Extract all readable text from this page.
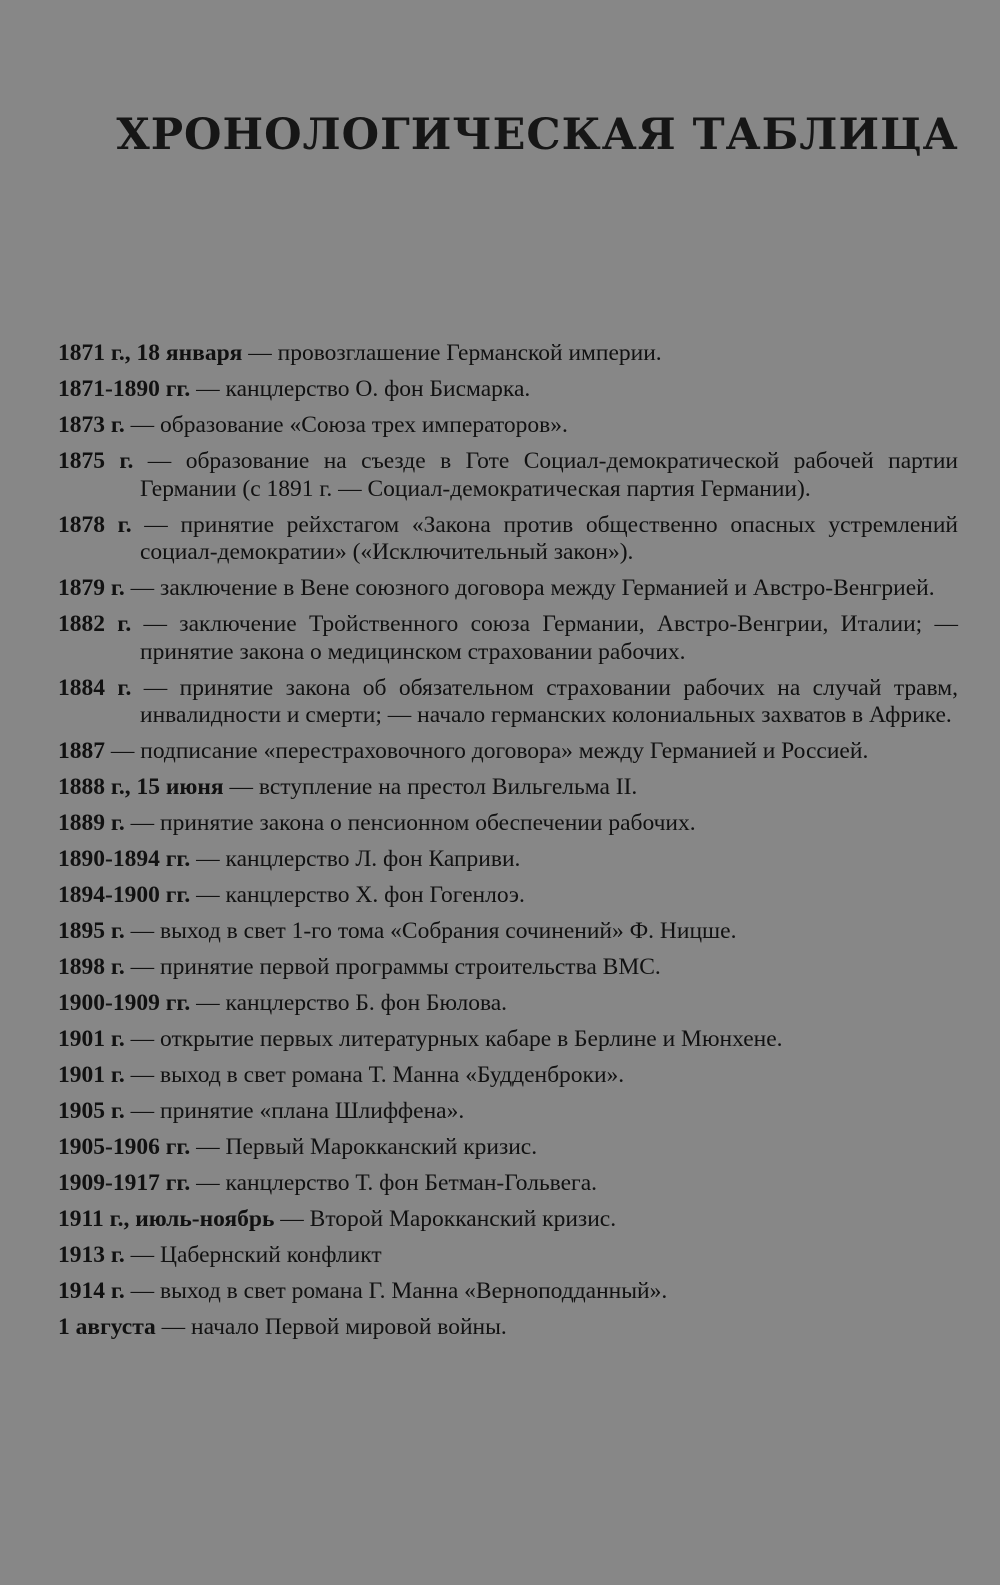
ХРОНОЛОГИЧЕСКАЯ ТАБЛИЦА
1871 г., 18 января — провозглашение Германской империи.
1871-1890 гг. — канцлерство О. фон Бисмарка.
1873 г. — образование «Союза трех императоров».
1875 г. — образование на съезде в Готе Социал-демократической рабочей партии Германии (с 1891 г. — Социал-демократическая партия Германии).
1878 г. — принятие рейхстагом «Закона против общественно опасных устремлений социал-демократии» («Исключительный закон»).
1879 г. — заключение в Вене союзного договора между Германией и Австро-Венгрией.
1882 г. — заключение Тройственного союза Германии, Австро-Венгрии, Италии; — принятие закона о медицинском страховании рабочих.
1884 г. — принятие закона об обязательном страховании рабочих на случай травм, инвалидности и смерти; — начало германских колониальных захватов в Африке.
1887 — подписание «перестраховочного договора» между Германией и Россией.
1888 г., 15 июня — вступление на престол Вильгельма II.
1889 г. — принятие закона о пенсионном обеспечении рабочих.
1890-1894 гг. — канцлерство Л. фон Каприви.
1894-1900 гг. — канцлерство Х. фон Гогенлоэ.
1895 г. — выход в свет 1-го тома «Собрания сочинений» Ф. Ницше.
1898 г. — принятие первой программы строительства ВМС.
1900-1909 гг. — канцлерство Б. фон Бюлова.
1901 г. — открытие первых литературных кабаре в Берлине и Мюнхене.
1901 г. — выход в свет романа Т. Манна «Будденброки».
1905 г. — принятие «плана Шлиффена».
1905-1906 гг. — Первый Марокканский кризис.
1909-1917 гг. — канцлерство Т. фон Бетман-Гольвега.
1911 г., июль-ноябрь — Второй Марокканский кризис.
1913 г. — Цабернский конфликт
1914 г. — выход в свет романа Г. Манна «Верноподданный».
1 августа — начало Первой мировой войны.
